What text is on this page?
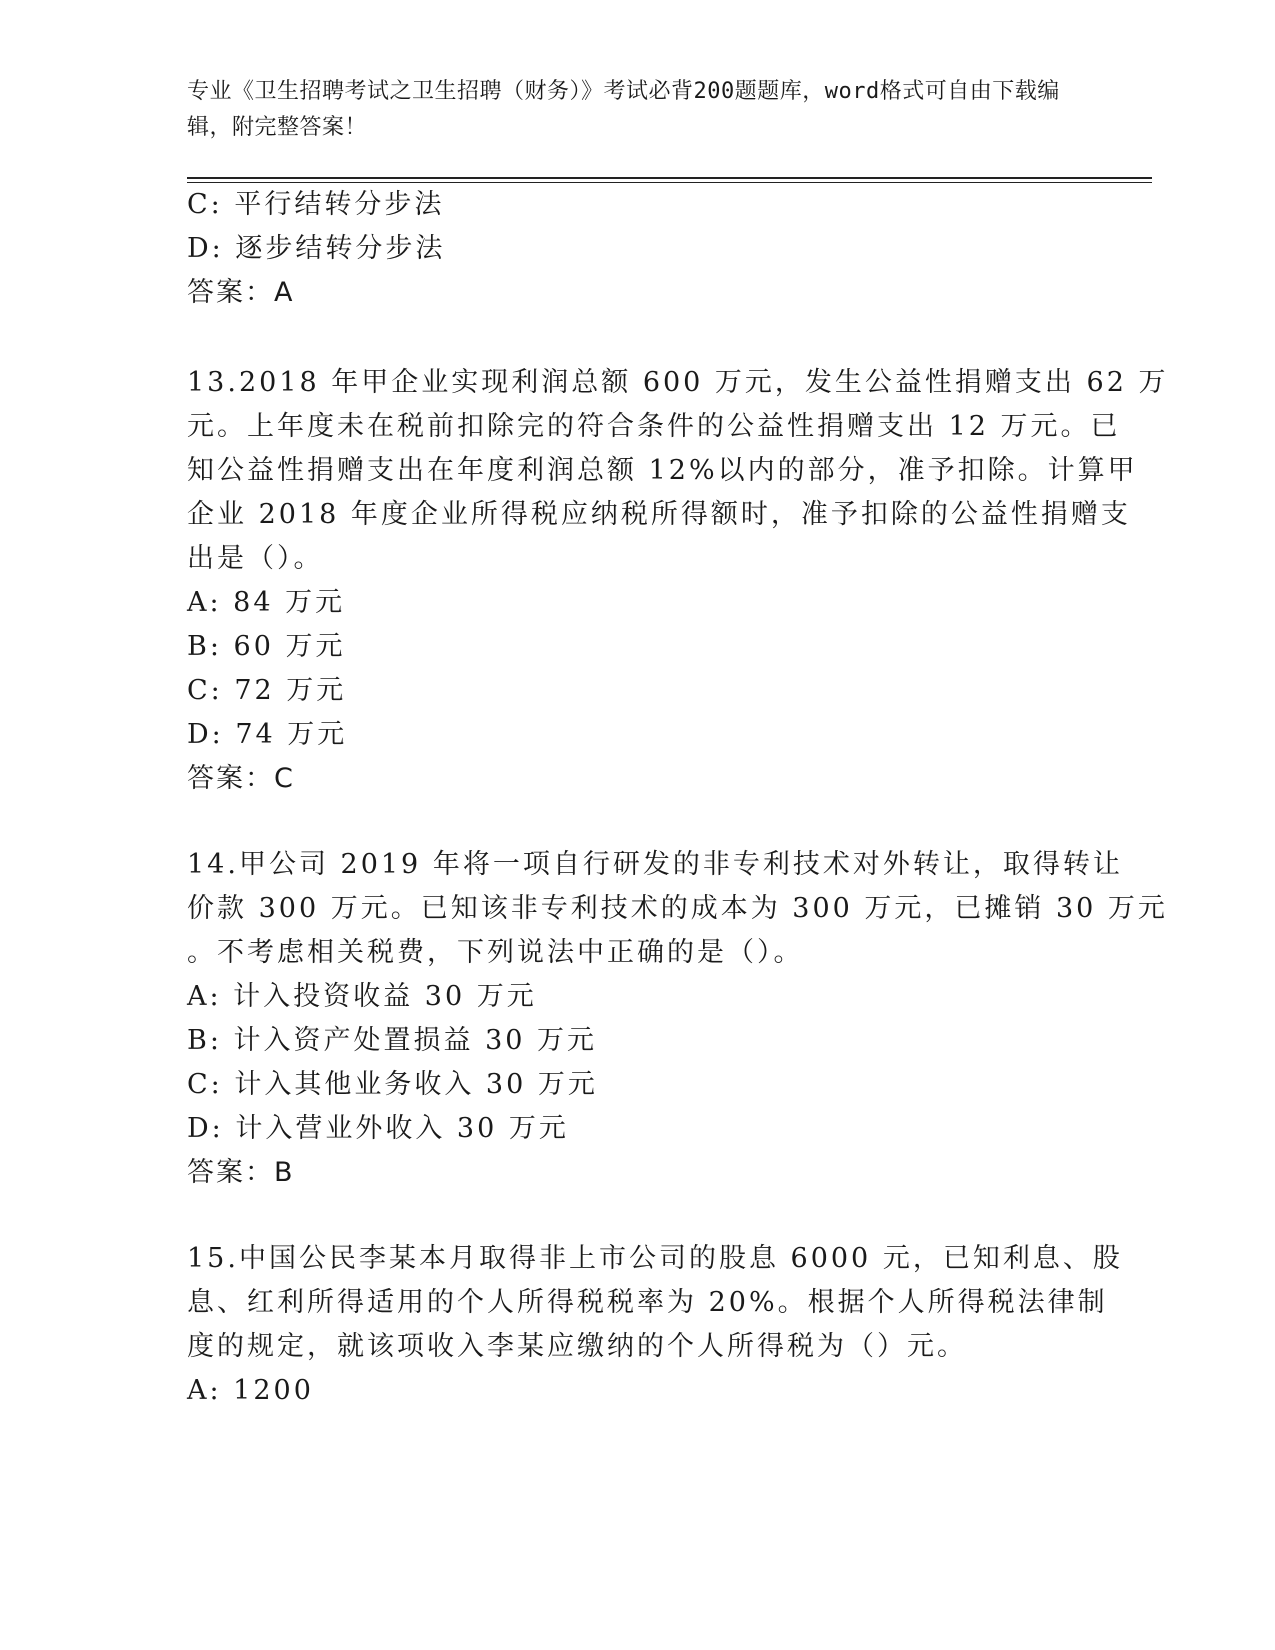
专业《卫生招聘考试之卫生招聘（财务）》考试必背200题题库，word格式可自由下载编辑，附完整答案！
C: 平行结转分步法
D: 逐步结转分步法
答案：A
13.2018 年甲企业实现利润总额 600 万元，发生公益性捐赠支出 62 万
元。上年度未在税前扣除完的符合条件的公益性捐赠支出 12 万元。已
知公益性捐赠支出在年度利润总额 12%以内的部分，准予扣除。计算甲
企业 2018 年度企业所得税应纳税所得额时，准予扣除的公益性捐赠支
出是（）。
A: 84 万元
B: 60 万元
C: 72 万元
D: 74 万元
答案：C
14.甲公司 2019 年将一项自行研发的非专利技术对外转让，取得转让
价款 300 万元。已知该非专利技术的成本为 300 万元，已摊销 30 万元
。不考虑相关税费，下列说法中正确的是（）。
A: 计入投资收益 30 万元
B: 计入资产处置损益 30 万元
C: 计入其他业务收入 30 万元
D: 计入营业外收入 30 万元
答案：B
15.中国公民李某本月取得非上市公司的股息 6000 元，已知利息、股
息、红利所得适用的个人所得税税率为 20%。根据个人所得税法律制
度的规定，就该项收入李某应缴纳的个人所得税为（）元。
A: 1200
